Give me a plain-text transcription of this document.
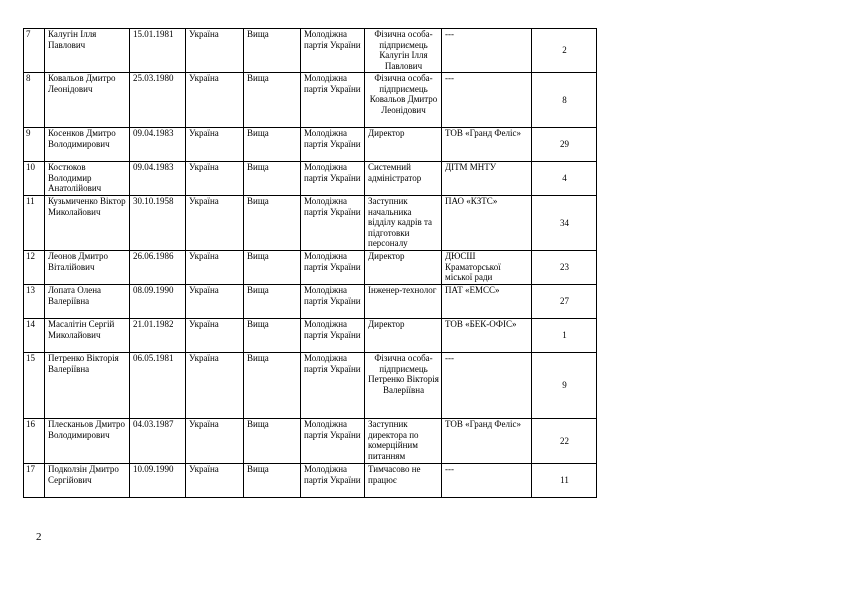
7	Калугін Ілля Павлович	15.01.1981	Україна	Вища	Молодіжна партія України	Фізична особа-підприємець Калугін Ілля Павлович	---	2
8	Ковальов Дмитро Леонідович	25.03.1980	Україна	Вища	Молодіжна партія України	Фізична особа-підприємець Ковальов Дмитро Леонідович	---	8
9	Косенков Дмитро Володимирович	09.04.1983	Україна	Вища	Молодіжна партія України	Директор	ТОВ «Гранд Феліс»	29
10	Костюков Володимир Анатолійович	09.04.1983	Україна	Вища	Молодіжна партія України	Системний адміністратор	ДІТМ МНТУ	4
11	Кузьмиченко Віктор Миколайович	30.10.1958	Україна	Вища	Молодіжна партія України	Заступник начальника відділу кадрів та підготовки персоналу	ПАО «КЗТС»	34
12	Леонов Дмитро Віталійович	26.06.1986	Україна	Вища	Молодіжна партія України	Директор	ДЮСШ Краматорської міської ради	23
13	Лопата Олена Валеріївна	08.09.1990	Україна	Вища	Молодіжна партія України	Інженер-технолог	ПАТ «ЕМСС»	27
14	Масалітін Сергій Миколайович	21.01.1982	Україна	Вища	Молодіжна партія України	Директор	ТОВ «БЕК-ОФІС»	1
15	Петренко Вікторія Валеріївна	06.05.1981	Україна	Вища	Молодіжна партія України	Фізична особа-підприємець Петренко Вікторія Валеріївна	---	9
16	Плесканьов Дмитро Володимирович	04.03.1987	Україна	Вища	Молодіжна партія України	Заступник директора по комерційним питанням	ТОВ «Гранд Феліс»	22
17	Подколзін Дмитро Сергійович	10.09.1990	Україна	Вища	Молодіжна партія України	Тимчасово не працює	---	11
2
